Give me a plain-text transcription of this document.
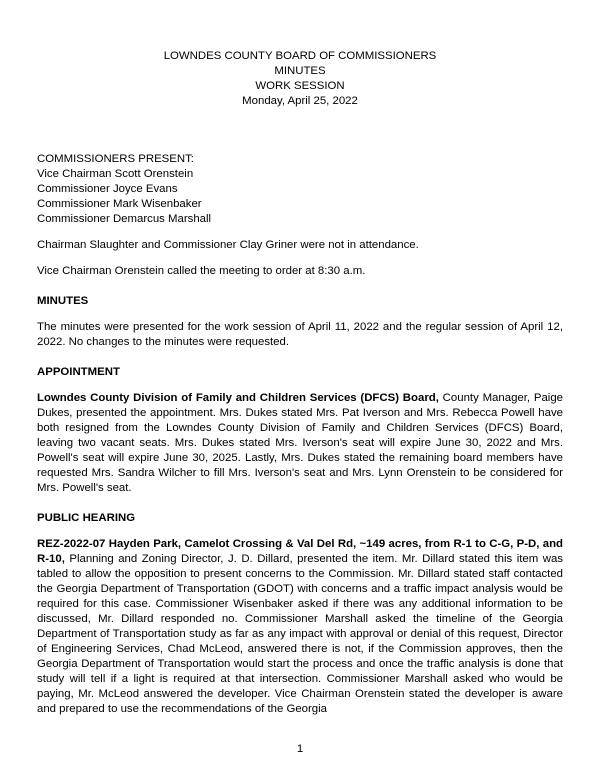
LOWNDES COUNTY BOARD OF COMMISSIONERS
MINUTES
WORK SESSION
Monday, April 25, 2022
COMMISSIONERS PRESENT:
Vice Chairman Scott Orenstein
Commissioner Joyce Evans
Commissioner Mark Wisenbaker
Commissioner Demarcus Marshall

Chairman Slaughter and Commissioner Clay Griner were not in attendance.

Vice Chairman Orenstein called the meeting to order at 8:30 a.m.

MINUTES

The minutes were presented for the work session of April 11, 2022 and the regular session of April 12, 2022. No changes to the minutes were requested.

APPOINTMENT

Lowndes County Division of Family and Children Services (DFCS) Board, County Manager, Paige Dukes, presented the appointment. Mrs. Dukes stated Mrs. Pat Iverson and Mrs. Rebecca Powell have both resigned from the Lowndes County Division of Family and Children Services (DFCS) Board, leaving two vacant seats. Mrs. Dukes stated Mrs. Iverson's seat will expire June 30, 2022 and Mrs. Powell's seat will expire June 30, 2025. Lastly, Mrs. Dukes stated the remaining board members have requested Mrs. Sandra Wilcher to fill Mrs. Iverson's seat and Mrs. Lynn Orenstein to be considered for Mrs. Powell's seat.

PUBLIC HEARING

REZ-2022-07 Hayden Park, Camelot Crossing & Val Del Rd, ~149 acres, from R-1 to C-G, P-D, and R-10, Planning and Zoning Director, J. D. Dillard, presented the item. Mr. Dillard stated this item was tabled to allow the opposition to present concerns to the Commission. Mr. Dillard stated staff contacted the Georgia Department of Transportation (GDOT) with concerns and a traffic impact analysis would be required for this case. Commissioner Wisenbaker asked if there was any additional information to be discussed, Mr. Dillard responded no. Commissioner Marshall asked the timeline of the Georgia Department of Transportation study as far as any impact with approval or denial of this request, Director of Engineering Services, Chad McLeod, answered there is not, if the Commission approves, then the Georgia Department of Transportation would start the process and once the traffic analysis is done that study will tell if a light is required at that intersection. Commissioner Marshall asked who would be paying, Mr. McLeod answered the developer. Vice Chairman Orenstein stated the developer is aware and prepared to use the recommendations of the Georgia

1
